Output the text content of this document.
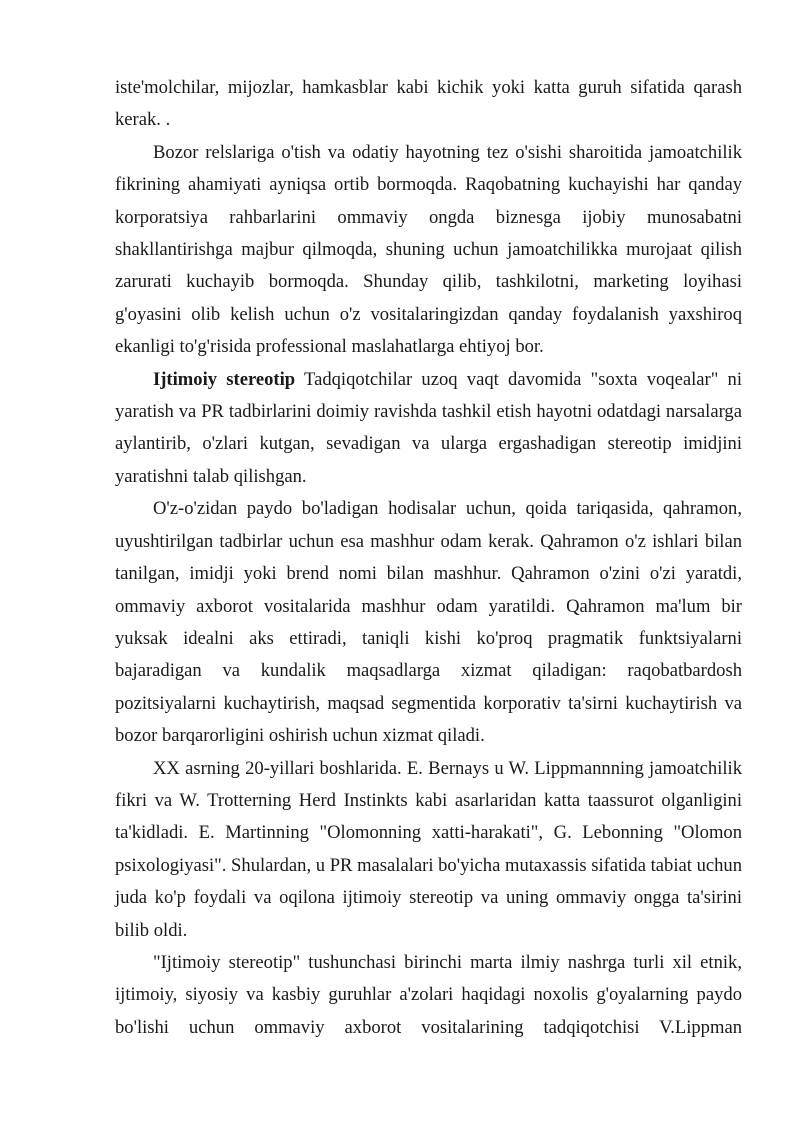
iste'molchilar, mijozlar, hamkasblar kabi kichik yoki katta guruh sifatida qarash kerak. .

Bozor relslariga o'tish va odatiy hayotning tez o'sishi sharoitida jamoatchilik fikrining ahamiyati ayniqsa ortib bormoqda. Raqobatning kuchayishi har qanday korporatsiya rahbarlarini ommaviy ongda biznesga ijobiy munosabatni shakllantirishga majbur qilmoqda, shuning uchun jamoatchilikka murojaat qilish zarurati kuchayib bormoqda. Shunday qilib, tashkilotni, marketing loyihasi g'oyasini olib kelish uchun o'z vositalaringizdan qanday foydalanish yaxshiroq ekanligi to'g'risida professional maslahatlarga ehtiyoj bor.

Ijtimoiy stereotip Tadqiqotchilar uzoq vaqt davomida "soxta voqealar" ni yaratish va PR tadbirlarini doimiy ravishda tashkil etish hayotni odatdagi narsalarga aylantirib, o'zlari kutgan, sevadigan va ularga ergashadigan stereotip imidjini yaratishni talab qilishgan.

O'z-o'zidan paydo bo'ladigan hodisalar uchun, qoida tariqasida, qahramon, uyushtirilgan tadbirlar uchun esa mashhur odam kerak. Qahramon o'z ishlari bilan tanilgan, imidji yoki brend nomi bilan mashhur. Qahramon o'zini o'zi yaratdi, ommaviy axborot vositalarida mashhur odam yaratildi. Qahramon ma'lum bir yuksak idealni aks ettiradi, taniqli kishi ko'proq pragmatik funktsiyalarni bajaradigan va kundalik maqsadlarga xizmat qiladigan: raqobatbardosh pozitsiyalarni kuchaytirish, maqsad segmentida korporativ ta'sirni kuchaytirish va bozor barqarorligini oshirish uchun xizmat qiladi.

XX asrning 20-yillari boshlarida. E. Bernays u W. Lippmannning jamoatchilik fikri va W. Trotterning Herd Instinkts kabi asarlaridan katta taassurot olganligini ta'kidladi. E. Martinning "Olomonning xatti-harakati", G. Lebonning "Olomon psixologiyasi". Shulardan, u PR masalalari bo'yicha mutaxassis sifatida tabiat uchun juda ko'p foydali va oqilona ijtimoiy stereotip va uning ommaviy ongga ta'sirini bilib oldi.

"Ijtimoiy stereotip" tushunchasi birinchi marta ilmiy nashrga turli xil etnik, ijtimoiy, siyosiy va kasbiy guruhlar a'zolari haqidagi noxolis g'oyalarning paydo bo'lishi uchun ommaviy axborot vositalarining tadqiqotchisi V.Lippman
